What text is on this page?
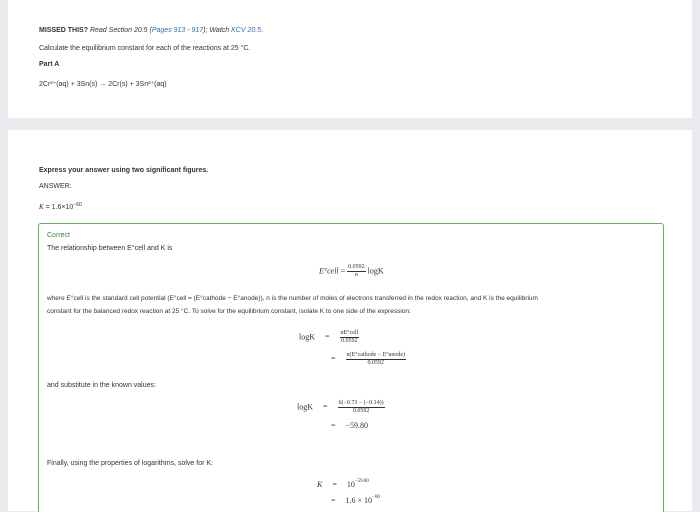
MISSED THIS? Read Section 20.5 (Pages 913 - 917); Watch KCV 20.5.
Calculate the equilibrium constant for each of the reactions at 25 °C.
Part A
2Cr³⁺(aq) + 3Sn(s) → 2Cr(s) + 3Sn²⁺(aq)
Express your answer using two significant figures.
ANSWER:
$K = 1.6\times 10^{-60}$
Correct
The relationship between E°cell and K is
E°cell = $\frac{0.0592}{n}$ logK
where E°cell is the standard cell potential (E°cell = (E°cathode − E°anode)), n is the number of moles of electrons transferred in the redox reaction, and K is the equilibrium
constant for the balanced redox reaction at 25 °C. To solve for the equilibrium constant, isolate K to one side of the expression:
$\log K = \frac{\text{nE°cell}}{0.0592}$
= $\frac{\text{n(E°cathode − E°anode)}}{0.0592}$
and substitute in the known values:
$\log K = \frac{6(-0.73 - (-0.14))}{0.0592}$
= −59.80
Finally, using the properties of logarithms, solve for K:
$K = 10^{-59.80}$
= $1.6 \times 10^{-60}$
